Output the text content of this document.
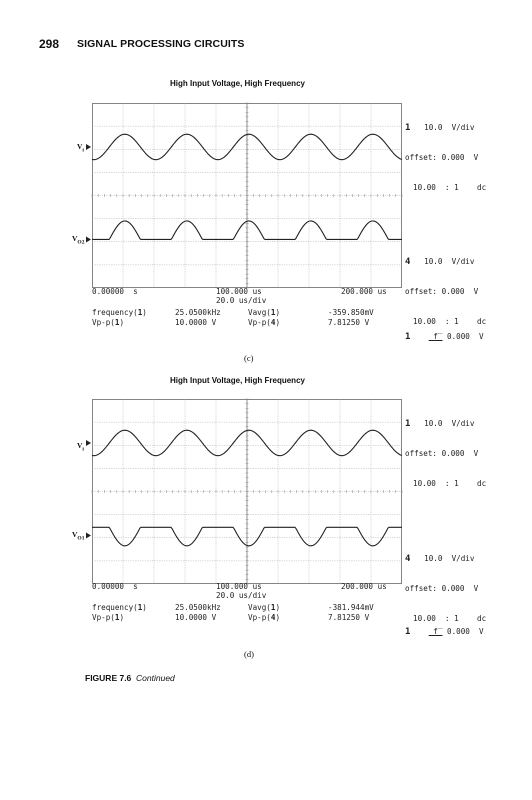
298 SIGNAL PROCESSING CIRCUITS
High Input Voltage, High Frequency
$V_i$
$V_{O2}$

1 10.0  V/div

offset: 0.000  V

10.00  : 1    dc

4 10.0  V/div

offset: 0.000  V

10.00  : 1    dc

0.00000  s	100.000 us	200.000 us
20.0 us/div
frequency(1)	25.0500kHz	Vavg(1)	-359.850mV
Vp-p(1)	10.0000 V	Vp-p(4)	7.81250 V
1 _f‾ 0.000  V
(c)
High Input Voltage, High Frequency
$V_i$
$V_{O1}$

1 10.0  V/div

offset: 0.000  V

10.00  : 1    dc

4 10.0  V/div

offset: 0.000  V

10.00  : 1    dc

0.00000  s	100.000 us	200.000 us
20.0 us/div
frequency(1)	25.0500kHz	Vavg(1)	-381.944mV
Vp-p(1)	10.0000 V	Vp-p(4)	7.81250 V
1 _f‾ 0.000  V
(d)
FIGURE 7.6 Continued
